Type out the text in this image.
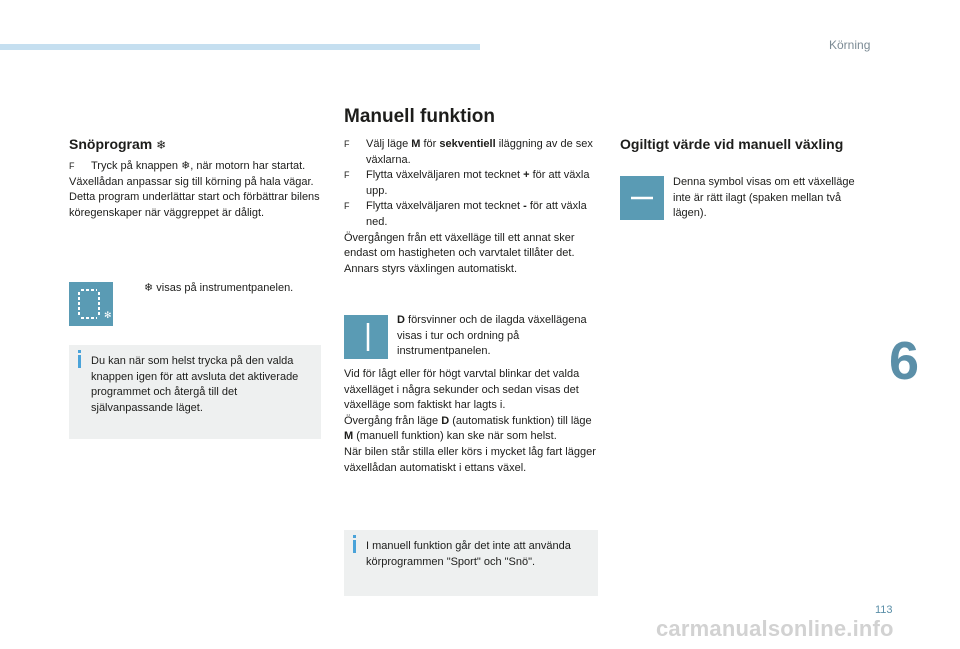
Körning
6
113
carmanualsonline.info
Snöprogram ❄
F Tryck på knappen ❄, när motorn har startat.

Växellådan anpassar sig till körning på hala vägar.

Detta program underlättar start och förbättrar bilens köregenskaper när väggreppet är dåligt.

✻
❄ visas på instrumentpanelen.
Du kan när som helst trycka på den valda knappen igen för att avsluta det aktiverade programmet och återgå till det självanpassande läget.
Manuell funktion
F Välj läge M för sekventiell iläggning av de sex växlarna.
F Flytta växelväljaren mot tecknet + för att växla upp.
F Flytta växelväljaren mot tecknet - för att växla ned.

Övergången från ett växelläge till ett annat sker endast om hastigheten och varvtalet tillåter det.

Annars styrs växlingen automatiskt.

D försvinner och de ilagda växellägena visas i tur och ordning på instrumentpanelen.

Vid för lågt eller för högt varvtal blinkar det valda växelläget i några sekunder och sedan visas det växelläge som faktiskt har lagts i.

Övergång från läge D (automatisk funktion) till läge M (manuell funktion) kan ske när som helst.

När bilen står stilla eller körs i mycket låg fart lägger växellådan automatiskt i ettans växel.

I manuell funktion går det inte att använda körprogrammen "Sport" och "Snö".
Ogiltigt värde vid manuell växling
Denna symbol visas om ett växelläge inte är rätt ilagt (spaken mellan två lägen).
